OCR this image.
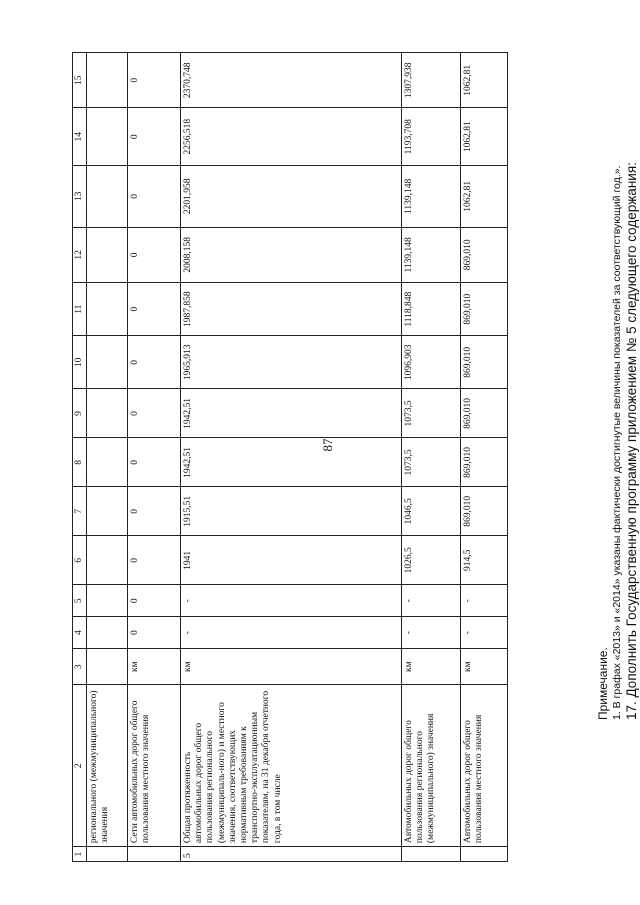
87
1	2	3	4	5	6	7	8	9	10	11	12	13	14	15
	регионального (межмуниципального) значения													
	Сети автомобильных дорог общего пользования местного значения	км	0	0	0	0	0	0	0	0	0	0	0	0
5	Общая протяженность автомобильных дорог общего пользования регионального (межмуниципаль-ного) и местного значения, соответствующих нормативным требованиям к транспортно-эксплуатационным показателям, на 31 декабря отчетного года, в том числе	км	-	-	1941	1915,51	1942,51	1942,51	1965,913	1987,858	2008,158	2201,958	2256,518	2370,748
	Автомобильных дорог общего пользования регионального (межмуниципального) значения	км	-	-	1026,5	1046,5	1073,5	1073,5	1096,903	1118,848	1139,148	1139,148	1193,708	1307,938
	Автомобильных дорог общего пользования местного значения	км	-	-	914,5	869,010	869,010	869,010	869,010	869,010	869,010	1062,81	1062,81	1062,81
Примечание. 1. В графах «2013» и «2014» указаны фактически достигнутые величины показателей за соответствующий год.». 17. Дополнить Государственную программу приложением № 5 следующего содержания:
